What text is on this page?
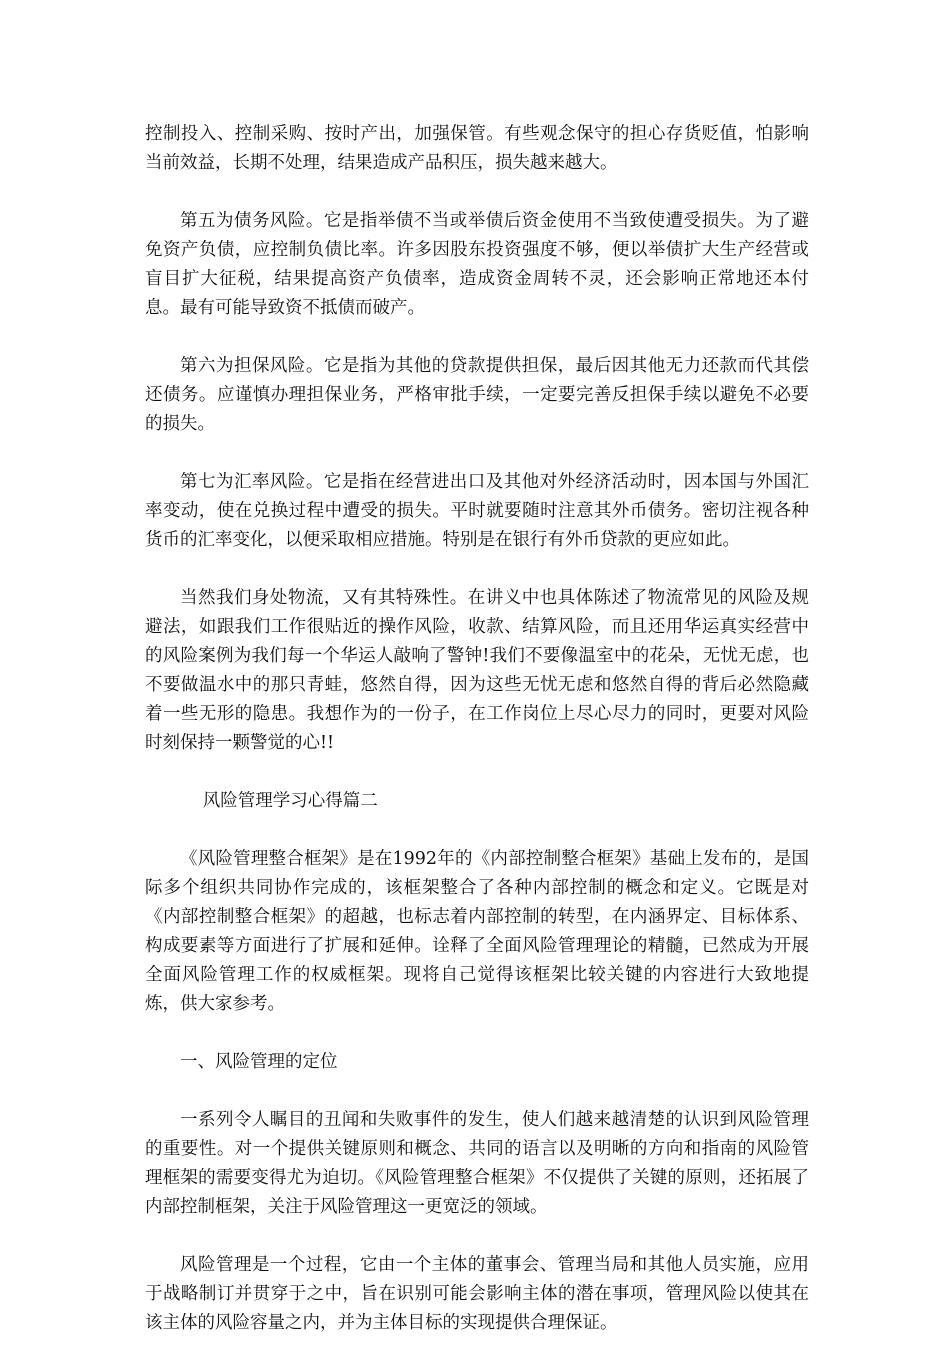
控制投入、控制采购、按时产出，加强保管。有些观念保守的担心存货贬值，怕影响当前效益，长期不处理，结果造成产品积压，损失越来越大。

第五为债务风险。它是指举债不当或举债后资金使用不当致使遭受损失。为了避免资产负债，应控制负债比率。许多因股东投资强度不够，便以举债扩大生产经营或盲目扩大征税，结果提高资产负债率，造成资金周转不灵，还会影响正常地还本付息。最有可能导致资不抵债而破产。

第六为担保风险。它是指为其他的贷款提供担保，最后因其他无力还款而代其偿还债务。应谨慎办理担保业务，严格审批手续，一定要完善反担保手续以避免不必要的损失。

第七为汇率风险。它是指在经营进出口及其他对外经济活动时，因本国与外国汇率变动，使在兑换过程中遭受的损失。平时就要随时注意其外币债务。密切注视各种货币的汇率变化，以便采取相应措施。特别是在银行有外币贷款的更应如此。

当然我们身处物流，又有其特殊性。在讲义中也具体陈述了物流常见的风险及规避法，如跟我们工作很贴近的操作风险，收款、结算风险，而且还用华运真实经营中的风险案例为我们每一个华运人敲响了警钟!我们不要像温室中的花朵，无忧无虑，也不要做温水中的那只青蛙，悠然自得，因为这些无忧无虑和悠然自得的背后必然隐藏着一些无形的隐患。我想作为的一份子，在工作岗位上尽心尽力的同时，更要对风险时刻保持一颗警觉的心!!

风险管理学习心得篇二

《风险管理整合框架》是在1992年的《内部控制整合框架》基础上发布的，是国际多个组织共同协作完成的，该框架整合了各种内部控制的概念和定义。它既是对《内部控制整合框架》的超越，也标志着内部控制的转型，在内涵界定、目标体系、构成要素等方面进行了扩展和延伸。诠释了全面风险管理理论的精髓，已然成为开展全面风险管理工作的权威框架。现将自己觉得该框架比较关键的内容进行大致地提炼，供大家参考。

一、风险管理的定位

一系列令人瞩目的丑闻和失败事件的发生，使人们越来越清楚的认识到风险管理的重要性。对一个提供关键原则和概念、共同的语言以及明晰的方向和指南的风险管理框架的需要变得尤为迫切。《风险管理整合框架》不仅提供了关键的原则，还拓展了内部控制框架，关注于风险管理这一更宽泛的领域。

风险管理是一个过程，它由一个主体的董事会、管理当局和其他人员实施，应用于战略制订并贯穿于之中，旨在识别可能会影响主体的潜在事项，管理风险以使其在该主体的风险容量之内，并为主体目标的实现提供合理保证。
